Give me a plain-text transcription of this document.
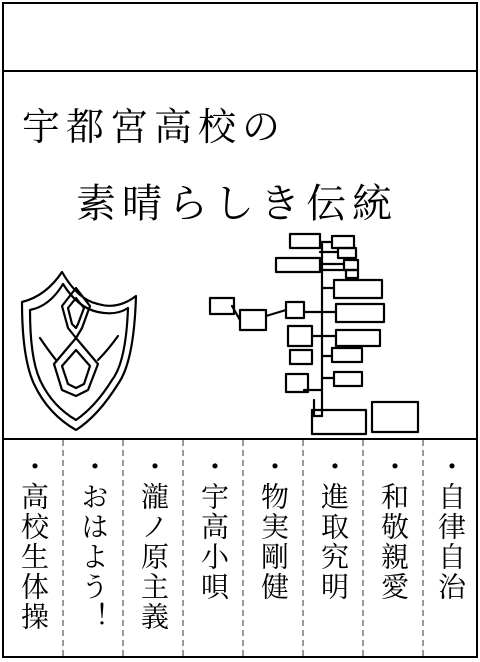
宇都宮高校の
素晴らしき伝統
・高校生体操 ・おはよう！ ・瀧ノ原主義 ・宇高小唄 ・物実剛健 ・進取究明 ・和敬親愛 ・自律自治
